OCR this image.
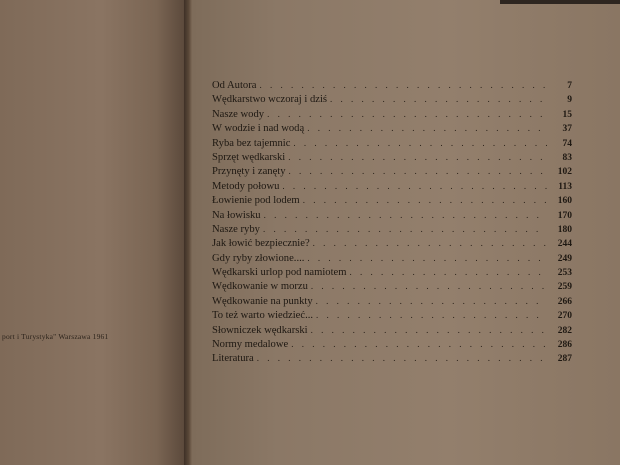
port i Turystyka" Warszawa 1961
Od Autora . . .	7
Wędkarstwo wczoraj i dziś . . .	9
Nasze wody . . .	15
W wodzie i nad wodą . . .	37
Ryba bez tajemnic . . .	74
Sprzęt wędkarski . . .	83
Przynęty i zanęty . . .	102
Metody połowu . . .	113
Łowienie pod lodem . . .	160
Na łowisku . . .	170
Nasze ryby . . .	180
Jak łowić bezpiecznie? . . .	244
Gdy ryby złowione.... . . .	249
Wędkarski urlop pod namiotem . . .	253
Wędkowanie w morzu . . .	259
Wędkowanie na punkty . . .	266
To też warto wiedzieć... . . .	270
Słowniczek wędkarski . . .	282
Normy medalowe . . .	286
Literatura . . .	287
